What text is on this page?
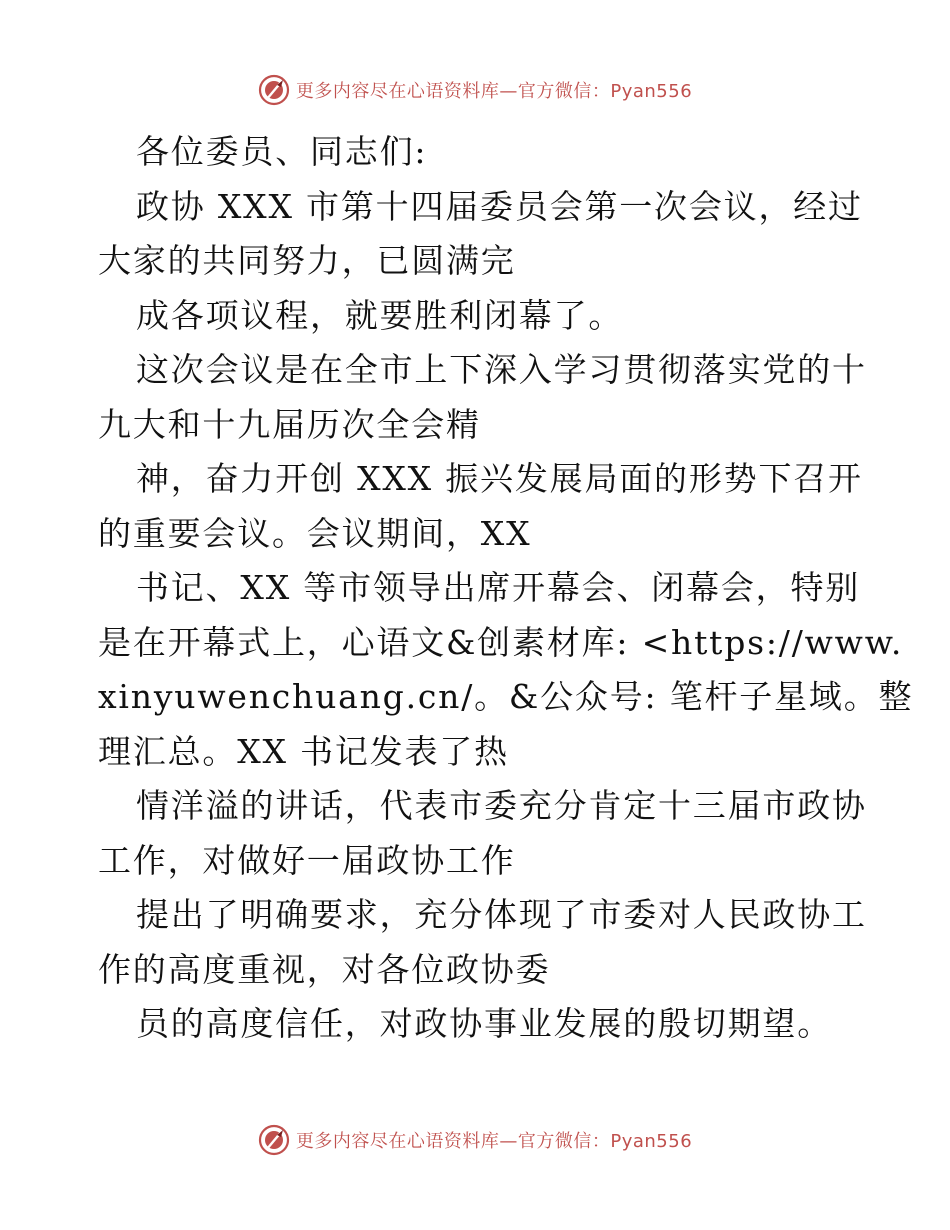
更多内容尽在心语资料库—官方微信：Pyan556
各位委员、同志们:
政协 XXX 市第十四届委员会第一次会议，经过
大家的共同努力，已圆满完
成各项议程，就要胜利闭幕了。
这次会议是在全市上下深入学习贯彻落实党的十
九大和十九届历次全会精
神，奋力开创 XXX 振兴发展局面的形势下召开
的重要会议。会议期间，XX
书记、XX 等市领导出席开幕会、闭幕会，特别
是在开幕式上，心语文&创素材库: <https://www.
xinyuwenchuang.cn/。&公众号: 笔杆子星域。整
理汇总。XX 书记发表了热
情洋溢的讲话，代表市委充分肯定十三届市政协
工作，对做好一届政协工作
提出了明确要求，充分体现了市委对人民政协工
作的高度重视，对各位政协委
员的高度信任，对政协事业发展的殷切期望。
更多内容尽在心语资料库—官方微信：Pyan556
